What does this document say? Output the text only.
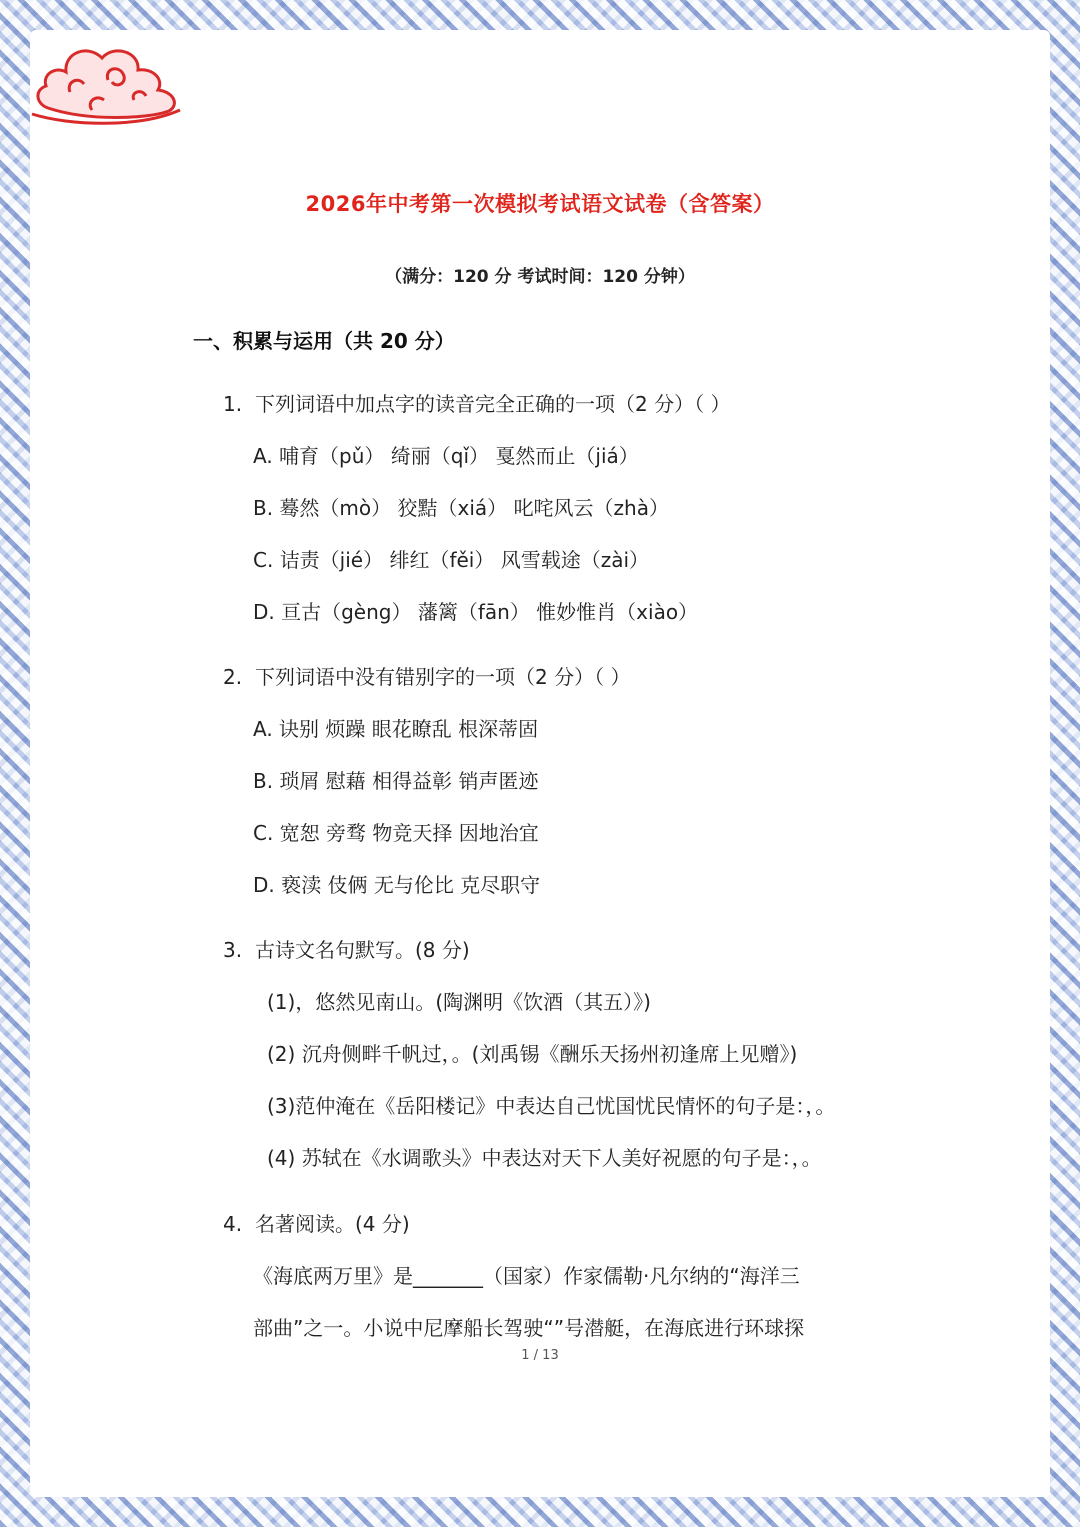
2026年中考第一次模拟考试语文试卷（含答案）
（满分：120 分 考试时间：120 分钟）
一、积累与运用（共 20 分）
1. 下列词语中加点字的读音完全正确的一项（2 分）（ ）
A. 哺育（pǔ） 绮丽（qǐ） 戛然而止（jiá）
B. 蓦然（mò） 狡黠（xiá） 叱咤风云（zhà）
C. 诘责（jié） 绯红（fěi） 风雪载途（zài）
D. 亘古（gèng） 藩篱（fān） 惟妙惟肖（xiào）
2. 下列词语中没有错别字的一项（2 分）（ ）
A. 诀别 烦躁 眼花瞭乱 根深蒂固
B. 琐屑 慰藉 相得益彰 销声匿迹
C. 宽恕 旁骛 物竞天择 因地治宜
D. 亵渎 伎俩 无与伦比 克尽职守
3. 古诗文名句默写。(8 分)
(1)，悠然见南山。(陶渊明《饮酒（其五）》)
(2) 沉舟侧畔千帆过，。(刘禹锡《酬乐天扬州初逢席上见赠》)
(3)范仲淹在《岳阳楼记》中表达自己忧国忧民情怀的句子是：，。
(4) 苏轼在《水调歌头》中表达对天下人美好祝愿的句子是：，。
4. 名著阅读。(4 分)
《海底两万里》是_______（国家）作家儒勒·凡尔纳的“海洋三
部曲”之一。小说中尼摩船长驾驶“”号潜艇，在海底进行环球探
1 / 13
